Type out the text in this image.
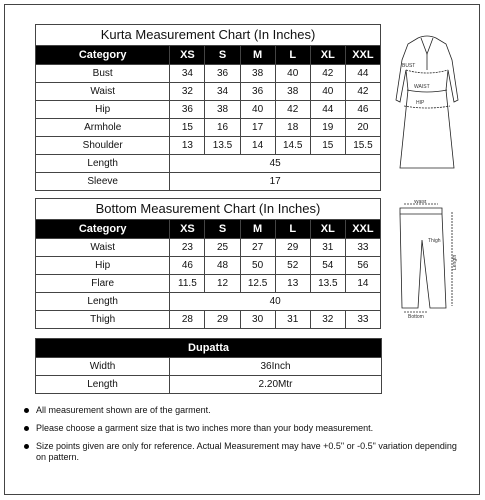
Kurta Measurement Chart (In Inches)
Category	XS	S	M	L	XL	XXL
Bust	34	36	38	40	42	44
Waist	32	34	36	38	40	42
Hip	36	38	40	42	44	46
Armhole	15	16	17	18	19	20
Shoulder	13	13.5	14	14.5	15	15.5
Length	45					
Sleeve	17					
BUST
WAIST
HIP
Bottom Measurement Chart (In Inches)
Category	XS	S	M	L	XL	XXL
Waist	23	25	27	29	31	33
Hip	46	48	50	52	54	56
Flare	11.5	12	12.5	13	13.5	14
Length	40					
Thigh	28	29	30	31	32	33
Waist
Thigh
Length
Bottom
Dupatta	
Width	36Inch
Length	2.20Mtr
All measurement shown are of the garment.
Please choose a garment size that is two inches more than your body measurement.
Size points given are only for reference. Actual Measurement may have +0.5" or -0.5" variation depending on pattern.
